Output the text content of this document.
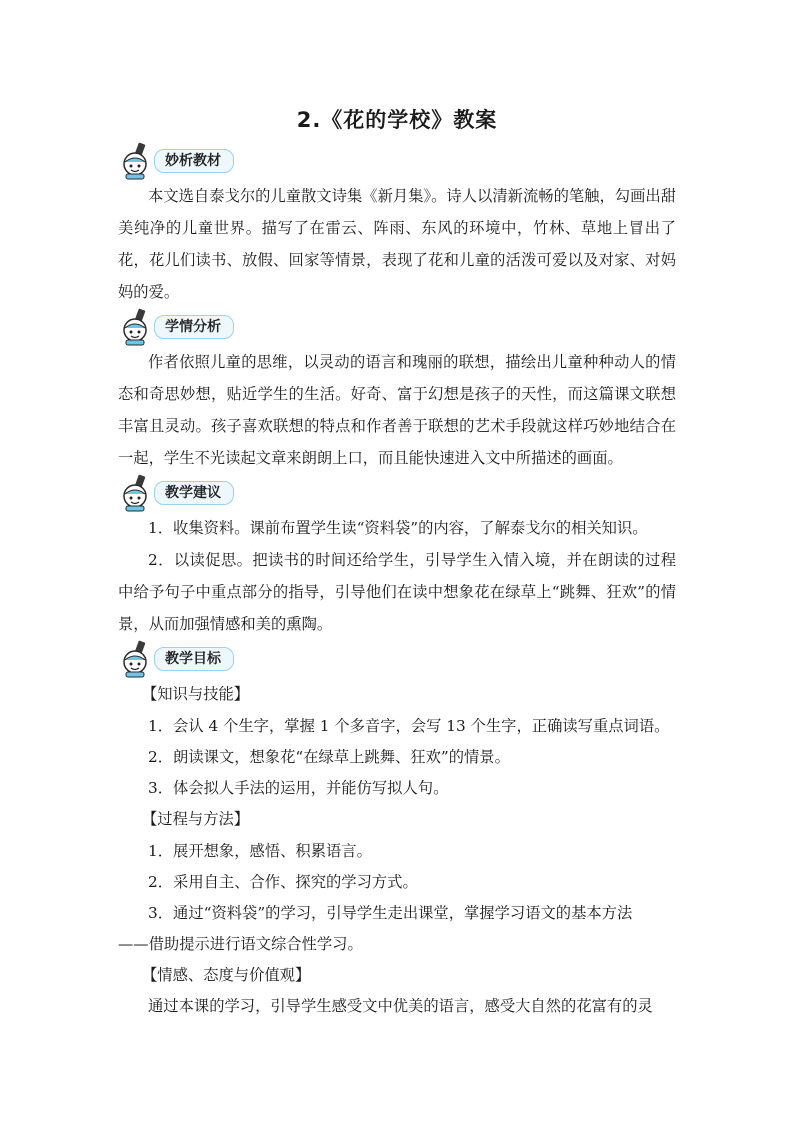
2.《花的学校》教案
妙析教材

本文选自泰戈尔的儿童散文诗集《新月集》。诗人以清新流畅的笔触，勾画出甜美纯净的儿童世界。描写了在雷云、阵雨、东风的环境中，竹林、草地上冒出了花，花儿们读书、放假、回家等情景，表现了花和儿童的活泼可爱以及对家、对妈妈的爱。

学情分析

作者依照儿童的思维，以灵动的语言和瑰丽的联想，描绘出儿童种种动人的情态和奇思妙想，贴近学生的生活。好奇、富于幻想是孩子的天性，而这篇课文联想丰富且灵动。孩子喜欢联想的特点和作者善于联想的艺术手段就这样巧妙地结合在一起，学生不光读起文章来朗朗上口，而且能快速进入文中所描述的画面。

教学建议

1．收集资料。课前布置学生读“资料袋”的内容，了解泰戈尔的相关知识。

2．以读促思。把读书的时间还给学生，引导学生入情入境，并在朗读的过程中给予句子中重点部分的指导，引导他们在读中想象花在绿草上“跳舞、狂欢”的情景，从而加强情感和美的熏陶。

教学目标

【知识与技能】

1．会认 4 个生字，掌握 1 个多音字，会写 13 个生字，正确读写重点词语。

2．朗读课文，想象花“在绿草上跳舞、狂欢”的情景。

3．体会拟人手法的运用，并能仿写拟人句。

【过程与方法】

1．展开想象，感悟、积累语言。

2．采用自主、合作、探究的学习方式。

3．通过“资料袋”的学习，引导学生走出课堂，掌握学习语文的基本方法

——借助提示进行语文综合性学习。

【情感、态度与价值观】

通过本课的学习，引导学生感受文中优美的语言，感受大自然的花富有的灵
